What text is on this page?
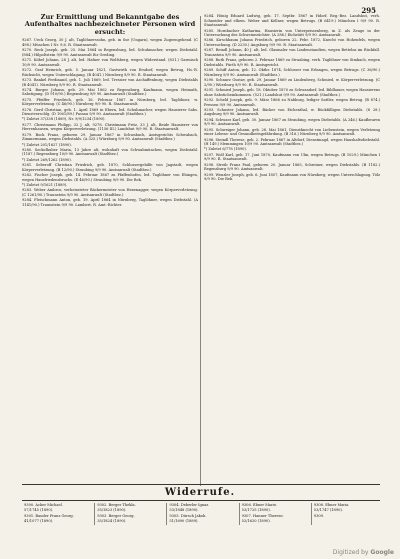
295
Zur Ermittlung und Bekanntgabe des Aufenthaltes nachbezeichneter Personen wird ersucht:

9267. Ueck Georg, 30 J. alt, Taglöhnerssohn, geb. in Sse (Ungarn), wegen Zugeengehend. (C 498.) München I Nr. 9,6. R. Staatsanwalt.

9270. Reck Joseph, geb. 25. Mai 1864 in Regensburg, led. Schuhmacher, wegen Diebstahl. (884.) Hilpoltstein 9/9 90. Amtsanwalt für Greding.

9271. Köbel Johann, 28 J. alt, led. Hafner von Wolfsberg, wegen Widerstand. (831.) Garmisch 10/9 90. Amtsanwalt.

9272. Graf Heinrich, geb. 5. Januar 1821, Gastwirth von Ersdorf, wegen Betrug, Hs.-R. Rücksicht, wegen Unterschlagung. (B 4041.) Nürnberg 9/9 90. R. Staatsanwalt.

9273. Bankel Ferdinand, geb. 1. Juli 1869, led. Tressier von Aschaffenburg, wegen Diebstahls (B 4041). Nürnberg 9/9 90. R. Staatsanwalt.

9274. Burger Johann, geb. 29. Mai 1862 zu Regensburg, Kaufmann, wegen Heimath, Sabstigung. (D 910/90.) Regensburg 9/9 90. Amtsanwalt (Stadtbez.)

9275. Pfeiffer Friedrich, geb. 16. Februar 1867 in Nürnberg, led. Taglöhner, w. Körperverletzung. (C 46/90.) Nürnberg 9/9 90. R. Staatsanwalt.

9276. Gerd Christian, geb. 1. April 1869 in Ebern, led. Schuhmacher, wegen Hausierer Sabs. Dienstverschlg. (D 1061/89.) Passau 9/9 90. Amtsanwalt (Stadtbez.)

*) Zuletzt 37/338 (1889), Nr. 9/9/1234 (1890).

9277. Christmann Philipp, 32 J. alt, 9278. Christmann Fritz, 33 J. alt, Beide Hausierer von Herrenhausen, wegen Körperverletzung. (1156 III.) Landshut 9/9 90. R. Staatsanwalt.

9279. Bock Franz, geboren 29. Januar 1867 in Schwabach, Amtsgerichts Schwabach, Zimmermann, wegen Diebstahls. (A 325.) Würzburg 9/9 90. Amtsanwalt (Stadtbez.)

*) Zuletzt 201/1627 (1890).

9280. Seckelhuber Maria, 13 Jahre alt, wohnhaft von Schwabmünchen, wegen Diebstahl. (1187.) Regensburg 10/9 90. Amtsanwalt (Stadtbez.)

*) Zuletzt 269/1262 (1890).

9281. Seberoff Christian Friedrich, geb. 1870, Schlossergehilfe von Jagstadt, wegen Körperverletzung. (B 12/90.) Straubing 9/9 90. Amtsanwalt (Stadtbez.)

9282. Fischer Joseph, geb. 14. Februar 1867 zu Pfaffenhofen, led. Taglöhner von Ehingen, wegen Hausfriedensbruchs. (E 46/90.) Straubing 9/9 90. Die Rek.

*) Zuletzt 9/1621 (1889).

9283. Weber Ambros, verheirateter Bäckermeister von Hexenagger, wegen Körperverletzung. (C 1261/90.) Traunstein 9/9 90. Amtsanwalt (Stadtbez.)

9284. Fleischmann Anton, geb. 19. April 1864 in Nürnberg, Taglöhner, wegen Diebstahl. (A 1141/90.) Traunstein 9/9 90. Lambert, R. Amt.-Richter.

9284. Hönig Eduard Ludwig, geb. 17. Septbr. 1867 in Hdorf, Reg.-Bez. Landshut, verh. Schneider und elhem. Weber und Kellner, wegen Betrugs. (B 6419.) München I 9/9 90. R. Staatsanwalt.

9285. Hornbacher Katharina, Hausierin von Unterpeissenberg, in Z. als Zeuge in der Untersuchung des Schweinezüchter. (A 286.) Eichstätt 9/9 90. Amtsanwalt.

9286. Kirschbaum Johann Friedrich, geboren 22. Febr. 1872, Knecht von Hohenfels, wegen Untersuchung. (D 2230.) Augsburg 9/9 90. R. Staatsanwalt.

9287. Reindl Johann, 40 J. alt, led. Glasmaler von Lindenstaudten, wegen Bettelns im Rückfall. Traunstein 9/9 90. Amtsanwalt.

9288. Ruth Franz, geboren 2. Februar 1869 zu Straubing, verh. Taglöhner von Simbach, wegen Diebstahls. Fürth 9/9 90. R. Amtsgericht.

9289. Schiff Anton, geb. 12. Oktbr. 1874, Schlosser von Erlangen, wegen Betrugs. (C 36/90.) Nürnberg 9/9 90. Amtsanwalt (Stadtbez.)

9290. Schnurz Gustav, geb. 29. Januar 1869 zu Lindenberg, Schmied, w. Körperverletzung. (C 2/90.) Würzburg 9/9 90. R. Staatsanwalt.

9291. Schmied Joseph, geb. 18. Oktober 1870 zu Schwandorf, led. Bildhauer, wegen Hausierens ohne Sabsticheinkommen. (521.) Landshut 9/9 90. Amtsanwalt (Stadtbez.)

9292. Scheld Joseph, geb. 9. März 1866 zu Nabburg, lediger Sattler, wegen Betrug. (B 874.) Pressen 9/9 90. Amtsanwalt.

9293. Schuster Johann, led. Bäcker von Eichenthal, w. Rückfälligen Diebstahls. (8 28.) Augsburg 9/9 90. Amtsanwalt.

9294. Schwarz Karl, geb. 30. Januar 1867 zu Straubing, wegen Diebstahls. (A 246.) Kaufbeuren 9/9 90. Amtsanwalt.

9295. Schweiger Johann, geb. 28. Mai 1861, Dienstknecht von Liebenstein, wegen Verletzung einer Lebens- und Gesundheitsgefährdung. (B 316.) Nürnberg 9/9 90. Amtsanwalt.

9296. Steindl Therese, geb. 2. Februar 1867 in Altdorf, Dienstmagd, wegen Haushaltsdiebstahl. (H 149.) Memmingen 10/9 90. Amtsanwalt (Stadtbez.)

*) Zuletzt 6/778 (1890).

9297. Wolf Karl, geb. 17. Juni 1870, Kaufmann von Ulm, wegen Betrugs. (B 1029.) München I 9/9 90. R. Staatsanwalt.

9298. Streib Franz Paul, geboren 20. Januar 1865, Schreiner, wegen Diebstahls. (B 1182.) Regensburg 9/9 90. Amtsanwalt.

9299. Wenzler Joseph, geb. 6. Juni 1857, Kaufmann von Nürnberg, wegen Unterschlagung. Tölz 9/9 90. Die Rek.

Widerrufe.
9300. Acker Michael.
57/1745 (1890).
9301. Bauder Franz Georg.
41/1077 (1890).
9302. Berger Thekla.
35/1823 (1890).
9303. Berger Georg.
35/1824 (1890).
9304. Deberler Ignaz.
53/1848 (1890).
9305. Dürsch Jakob.
51/1690 (1889).
9306. Ebner Marie.
53/1725 (1890).
9307. Hanner Therese.
52/1620 (1890).
9308. Ebner Maria.
53/1747 (1890).
9309.
Digitized by Google
